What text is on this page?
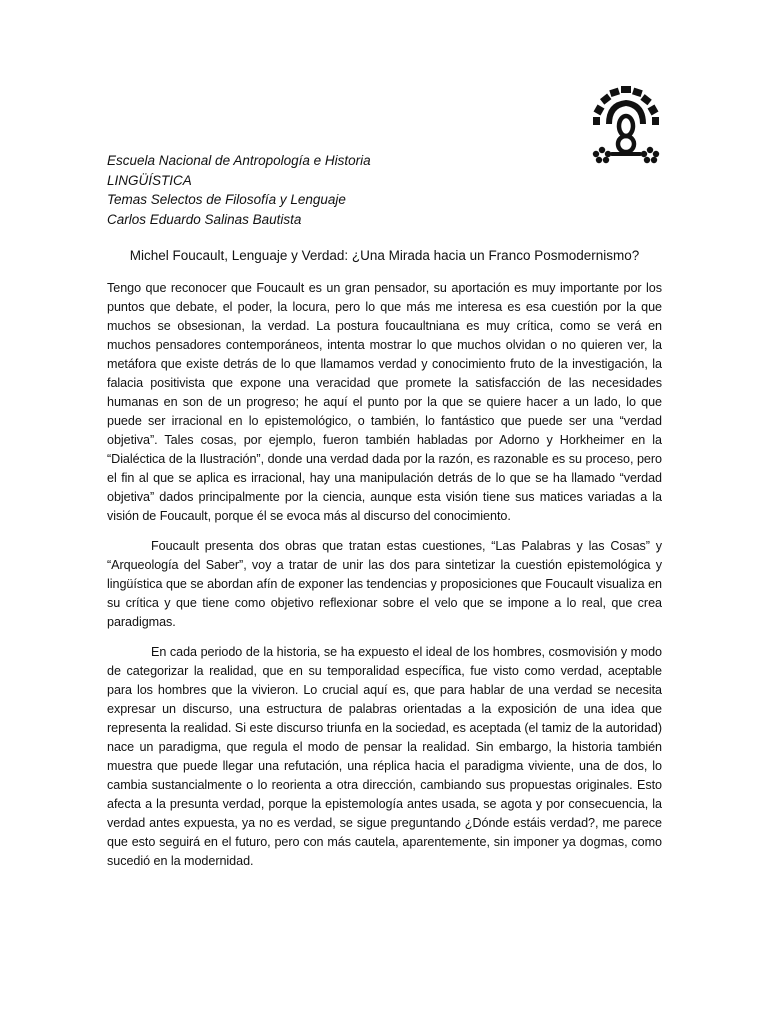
Escuela Nacional de Antropología e Historia
LINGÜÍSTICA
Temas Selectos de Filosofía y Lenguaje
Carlos Eduardo Salinas Bautista
Michel Foucault, Lenguaje y Verdad: ¿Una Mirada hacia un Franco Posmodernismo?

Tengo que reconocer que Foucault es un gran pensador, su aportación es muy importante por los puntos que debate, el poder, la locura, pero lo que más me interesa es esa cuestión por la que muchos se obsesionan, la verdad. La postura foucaultniana es muy crítica, como se verá en muchos pensadores contemporáneos, intenta mostrar lo que muchos olvidan o no quieren ver, la metáfora que existe detrás de lo que llamamos verdad y conocimiento fruto de la investigación, la falacia positivista que expone una veracidad que promete la satisfacción de las necesidades humanas en son de un progreso; he aquí el punto por la que se quiere hacer a un lado, lo que puede ser irracional en lo epistemológico, o también, lo fantástico que puede ser una “verdad objetiva”. Tales cosas, por ejemplo, fueron también habladas por Adorno y Horkheimer en la “Dialéctica de la Ilustración”, donde una verdad dada por la razón, es razonable es su proceso, pero el fin al que se aplica es irracional, hay una manipulación detrás de lo que se ha llamado “verdad objetiva” dados principalmente por la ciencia, aunque esta visión tiene sus matices variadas a la visión de Foucault, porque él se evoca más al discurso del conocimiento.

Foucault presenta dos obras que tratan estas cuestiones, “Las Palabras y las Cosas” y “Arqueología del Saber”, voy a tratar de unir las dos para sintetizar la cuestión epistemológica y lingüística que se abordan afín de exponer las tendencias y proposiciones que Foucault visualiza en su crítica y que tiene como objetivo reflexionar sobre el velo que se impone a lo real, que crea paradigmas.

En cada periodo de la historia, se ha expuesto el ideal de los hombres, cosmovisión y modo de categorizar la realidad, que en su temporalidad específica, fue visto como verdad, aceptable para los hombres que la vivieron. Lo crucial aquí es, que para hablar de una verdad se necesita expresar un discurso, una estructura de palabras orientadas a la exposición de una idea que representa la realidad. Si este discurso triunfa en la sociedad, es aceptada (el tamiz de la autoridad) nace un paradigma, que regula el modo de pensar la realidad. Sin embargo, la historia también muestra que puede llegar una refutación, una réplica hacia el paradigma viviente, una de dos, lo cambia sustancialmente o lo reorienta a otra dirección, cambiando sus propuestas originales. Esto afecta a la presunta verdad, porque la epistemología antes usada, se agota y por consecuencia, la verdad antes expuesta, ya no es verdad, se sigue preguntando ¿Dónde estáis verdad?, me parece que esto seguirá en el futuro, pero con más cautela, aparentemente, sin imponer ya dogmas, como sucedió en la modernidad.
